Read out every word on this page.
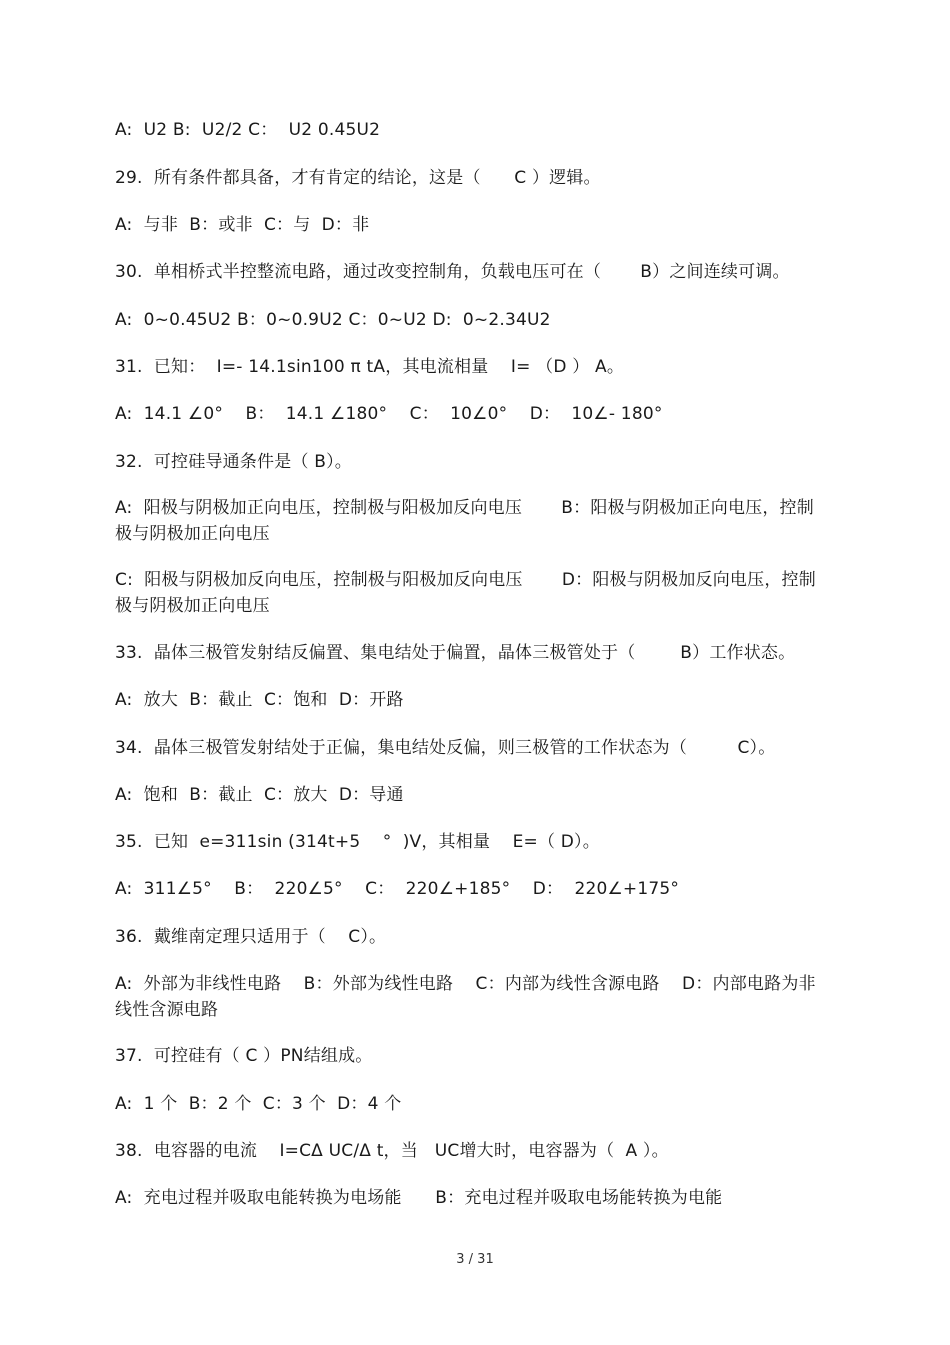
A:  U2 B:  U2/2 C：  U2 0.45U2
29.  所有条件都具备，才有肯定的结论，这是（      C ）逻辑。
A:  与非  B：或非  C：与  D：非
30.  单相桥式半控整流电路，通过改变控制角，负载电压可在（       B）之间连续可调。
A:  0~0.45U2 B：0~0.9U2 C：0~U2 D:  0~2.34U2
31.  已知：  I=- 14.1sin100 π tA，其电流相量    I= （D ） A。
A:  14.1 ∠0°    B：  14.1 ∠180°    C：  10∠0°    D：  10∠- 180°
32.  可控硅导通条件是（ B）。
A:  阳极与阴极加正向电压，控制极与阳极加反向电压       B：阳极与阴极加正向电压，控制极与阴极加正向电压
C:  阳极与阴极加反向电压，控制极与阳极加反向电压       D：阳极与阴极加反向电压，控制极与阴极加正向电压
33.  晶体三极管发射结反偏置、集电结处于偏置，晶体三极管处于（        B）工作状态。
A:  放大  B：截止  C：饱和  D：开路
34.  晶体三极管发射结处于正偏，集电结处反偏，则三极管的工作状态为（         C）。
A:  饱和  B：截止  C：放大  D：导通
35.  已知  e=311sin (314t+5    °  )V，其相量    E=（ D）。
A:  311∠5°    B：  220∠5°    C：  220∠+185°    D：  220∠+175°
36.  戴维南定理只适用于（    C）。
A:  外部为非线性电路    B：外部为线性电路    C：内部为线性含源电路    D：内部电路为非线性含源电路
37.  可控硅有（ C ）PN结组成。
A:  1 个  B：2 个  C：3 个  D：4 个
38.  电容器的电流    I=CΔ UC/Δ t，当   UC增大时，电容器为（  A ）。
A:  充电过程并吸取电能转换为电场能      B：充电过程并吸取电场能转换为电能
3 / 31
